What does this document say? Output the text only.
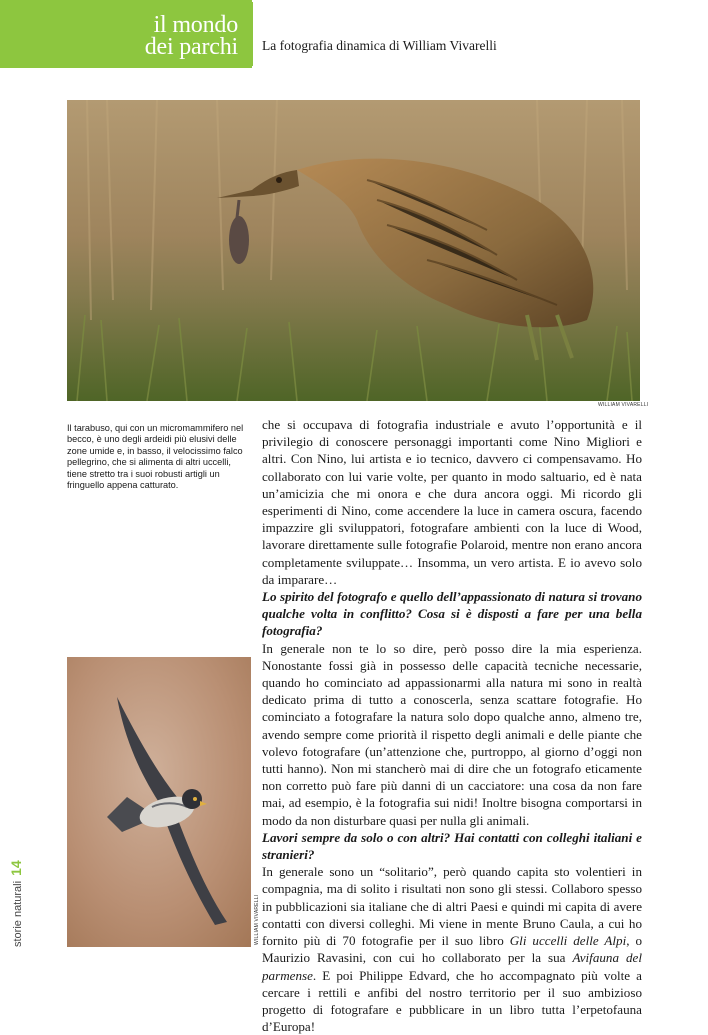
il mondo
dei parchi La fotografia dinamica di William Vivarelli
WILLIAM VIVARELLI
Il tarabuso, qui con un micromammifero nel becco, è uno degli ardeidi più elusivi delle zone umide e, in basso, il velocissimo falco pellegrino, che si alimenta di altri uccelli, tiene stretto tra i suoi robusti artigli un fringuello appena catturato.
WILLIAM VIVARELLI

che si occupava di fotografia industriale e avuto l’opportunità e il privilegio di conoscere personaggi importanti come Nino Migliori e altri. Con Nino, lui artista e io tecnico, davvero ci compensavamo. Ho collaborato con lui varie volte, per quanto in modo saltuario, ed è nata un’amicizia che mi onora e che dura ancora oggi. Mi ricordo gli esperimenti di Nino, come accendere la luce in camera oscura, facendo impazzire gli sviluppatori, fotografare ambienti con la luce di Wood, lavorare direttamente sulle fotografie Polaroid, mentre non erano ancora completamente sviluppate… Insomma, un vero artista. E io avevo solo da imparare…

Lo spirito del fotografo e quello dell’appassionato di natura si trovano qualche volta in conflitto? Cosa si è disposti a fare per una bella fotografia?

In generale non te lo so dire, però posso dire la mia esperienza. Nonostante fossi già in possesso delle capacità tecniche necessarie, quando ho cominciato ad appassionarmi alla natura mi sono in realtà dedicato prima di tutto a conoscerla, senza scattare fotografie. Ho cominciato a fotografare la natura solo dopo qualche anno, almeno tre, avendo sempre come priorità il rispetto degli animali e delle piante che volevo fotografare (un’attenzione che, purtroppo, al giorno d’oggi non tutti hanno). Non mi stancherò mai di dire che un fotografo eticamente non corretto può fare più danni di un cacciatore: una cosa da non fare mai, ad esempio, è la fotografia sui nidi! Inoltre bisogna comportarsi in modo da non disturbare quasi per nulla gli animali.

Lavori sempre da solo o con altri? Hai contatti con colleghi italiani e stranieri?

In generale sono un “solitario”, però quando capita sto volentieri in compagnia, ma di solito i risultati non sono gli stessi. Collaboro spesso in pubblicazioni sia italiane che di altri Paesi e quindi mi capita di avere contatti con diversi colleghi. Mi viene in mente Bruno Caula, a cui ho fornito più di 70 fotografie per il suo libro Gli uccelli delle Alpi, o Maurizio Ravasini, con cui ho collaborato per la sua Avifauna del parmense. E poi Philippe Edvard, che ho accompagnato più volte a cercare i rettili e anfibi del nostro territorio per il suo ambizioso progetto di fotografare e pubblicare in un libro tutta l’erpetofauna d’Europa!

storie naturali 14
